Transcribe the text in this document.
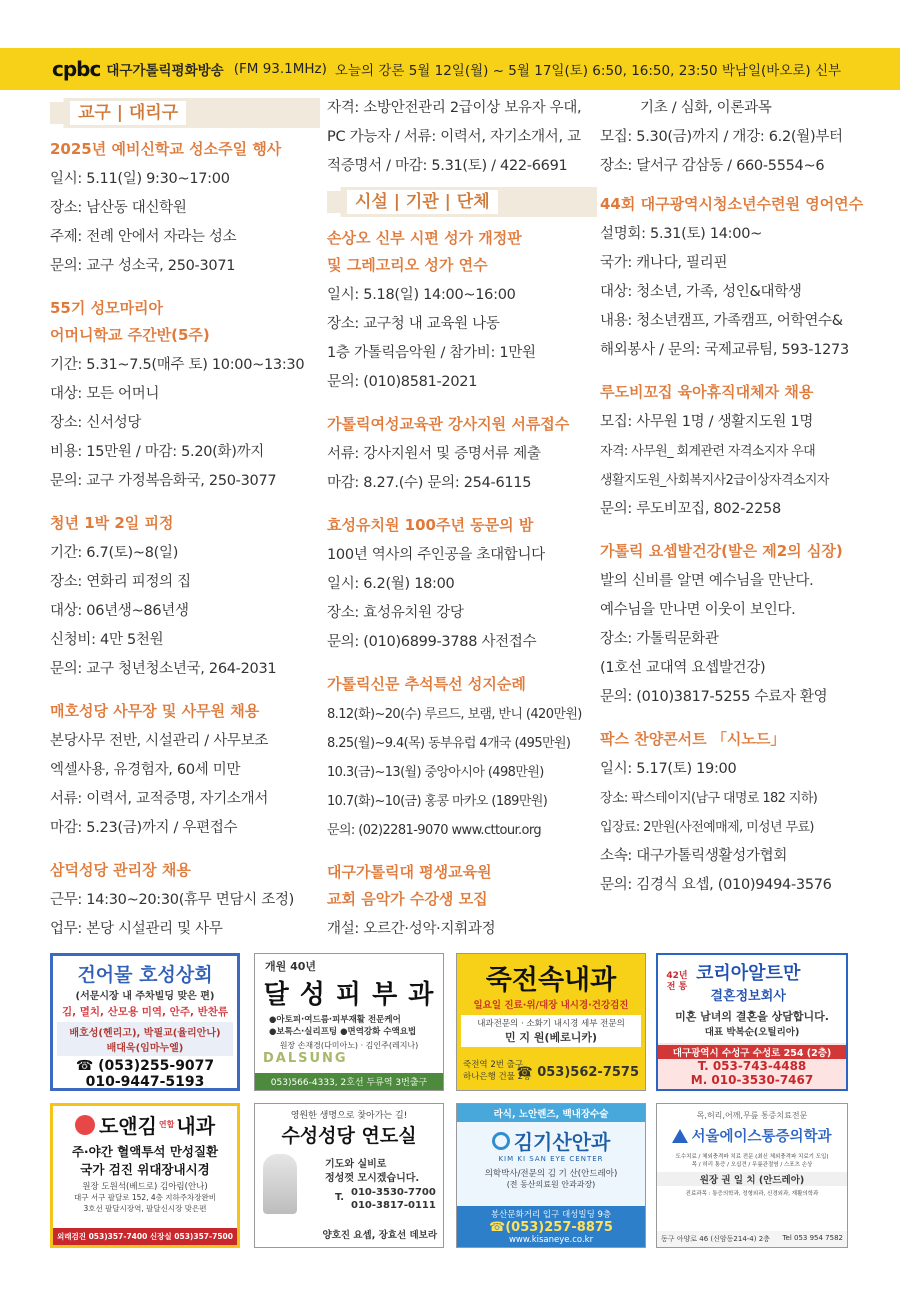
cpbc 대구가톨릭평화방송 (FM 93.1MHz) 오늘의 강론 5월 12일(월) ~ 5월 17일(토) 6:50, 16:50, 23:50 박남일(바오로) 신부
교구 | 대리구
2025년 예비신학교 성소주일 행사

일시: 5.11(일) 9:30~17:00

장소: 남산동 대신학원

주제: 전례 안에서 자라는 성소

문의: 교구 성소국, 250-3071

55기 성모마리아
어머니학교 주간반(5주)

기간: 5.31~7.5(매주 토) 10:00~13:30

대상: 모든 어머니

장소: 신서성당

비용: 15만원 / 마감: 5.20(화)까지

문의: 교구 가정복음화국, 250-3077

청년 1박 2일 피정

기간: 6.7(토)~8(일)

장소: 연화리 피정의 집

대상: 06년생~86년생

신청비: 4만 5천원

문의: 교구 청년청소년국, 264-2031

매호성당 사무장 및 사무원 채용

본당사무 전반, 시설관리 / 사무보조

엑셀사용, 유경험자, 60세 미만

서류: 이력서, 교적증명, 자기소개서

마감: 5.23(금)까지 / 우편접수

삼덕성당 관리장 채용

근무: 14:30~20:30(휴무 면담시 조정)

업무: 본당 시설관리 및 사무

자격: 소방안전관리 2급이상 보유자 우대,

PC 가능자 / 서류: 이력서, 자기소개서, 교

적증명서 / 마감: 5.31(토) / 422-6691

시설 | 기관 | 단체
손상오 신부 시편 성가 개정판
및 그레고리오 성가 연수

일시: 5.18(일) 14:00~16:00

장소: 교구청 내 교육원 나동

1층 가톨릭음악원 / 참가비: 1만원

문의: (010)8581-2021

가톨릭여성교육관 강사지원 서류접수

서류: 강사지원서 및 증명서류 제출

마감: 8.27.(수) 문의: 254-6115

효성유치원 100주년 동문의 밤

100년 역사의 주인공을 초대합니다

일시: 6.2(월) 18:00

장소: 효성유치원 강당

문의: (010)6899-3788 사전접수

가톨릭신문 추석특선 성지순례

8.12(화)~20(수) 루르드, 보램, 반니 (420만원)

8.25(월)~9.4(목) 동부유럽 4개국 (495만원)

10.3(금)~13(월) 중앙아시아 (498만원)

10.7(화)~10(금) 홍콩 마카오 (189만원)

문의: (02)2281-9070 www.cttour.org

대구가톨릭대 평생교육원
교회 음악가 수강생 모집

개설: 오르간·성악·지휘과정

기초 / 심화, 이론과목

모집: 5.30(금)까지 / 개강: 6.2(월)부터

장소: 달서구 감삼동 / 660-5554~6

44회 대구광역시청소년수련원 영어연수

설명회: 5.31(토) 14:00~

국가: 캐나다, 필리핀

대상: 청소년, 가족, 성인&대학생

내용: 청소년캠프, 가족캠프, 어학연수&

해외봉사 / 문의: 국제교류팀, 593-1273

루도비꼬집 육아휴직대체자 채용

모집: 사무원 1명 / 생활지도원 1명

자격: 사무원_ 회계관련 자격소지자 우대

생활지도원_사회복지사2급이상자격소지자

문의: 루도비꼬집, 802-2258

가톨릭 요셉발건강(발은 제2의 심장)

발의 신비를 알면 예수님을 만난다.

예수님을 만나면 이웃이 보인다.

장소: 가톨릭문화관

(1호선 교대역 요셉발건강)

문의: (010)3817-5255 수료자 환영

팍스 찬양콘서트 「시노드」

일시: 5.17(토) 19:00

장소: 팍스테이지(남구 대명로 182 지하)

입장료: 2만원(사전예매제, 미성년 무료)

소속: 대구가톨릭생활성가협회

문의: 김경식 요셉, (010)9494-3576

건어물 호성상회
(서문시장 내 주차빌딩 맞은 편)
김, 멸치, 산모용 미역, 안주, 반찬류
배호성(헨리고), 박필교(율리안나)
배대욱(임마누엘)
☎ (053)255-9077
010-9447-5193
개원 40년
달 성 피 부 과
●아토피·여드름·피부재활 전문케어
●보톡스·실리프팅 ●면역강화 수액요법
원장 손재경(다미아노) · 김인주(레지나)
DALSUNG
053)566-4333, 2호선 두류역 3번출구
죽전속내과
일요일 진료·위/대장 내시경·건강검진
내과전문의 · 소화기 내시경 세부 전문의
민 지 원(베로니카)
죽전역 2번 출구
하나은행 건물 2층
☎ 053)562-7575
42년
전 통
코리아알트만
결혼정보회사
미혼 남녀의 결혼을 상담합니다.
대표 박복순(오틸리아)
대구광역시 수성구 수성로 254 (2층)
T. 053-743-4488
M. 010-3530-7467
도앤김 연합 내과
주·야간 혈액투석 만성질환
국가 검진 위대장내시경
원장 도원석(베드로) 김아림(안나)
대구 서구 팔달로 152, 4층 지하주차장완비
3호선 팔달시장역, 팔달신시장 맞은편
외래검진 053)357-7400 신장실 053)357-7500
영원한 생명으로 찾아가는 길!
수성성당 연도실
기도와 실비로
정성껏 모시겠습니다.
T. 010-3530-7700
010-3817-0111
양호진 요셉, 장효선 데보라
라식, 노안렌즈, 백내장수술
김기산안과
KIM KI SAN EYE CENTER
의학박사/전문의 김 기 산(안드레아)
(전 동산의료원 안과과장)
봉산문화거리 입구 대성빌딩 9층
☎(053)257-8875
www.kisaneye.co.kr
목,허리,어깨,무릎 통증치료전문
서울에이스통증의학과
도수치료 / 체외충격파 치료 전문 (최신 체외충격파 치료기 도입)
목 / 허리 통증 / 오십견 / 무릎관절염 / 스포츠 손상
원장 권 일 치 (안드레아)
진료과목 : 통증의학과, 정형외과, 신경외과, 재활의학과
동구 아양로 46 (신암동214-4) 2층 Tel 053 954 7582
